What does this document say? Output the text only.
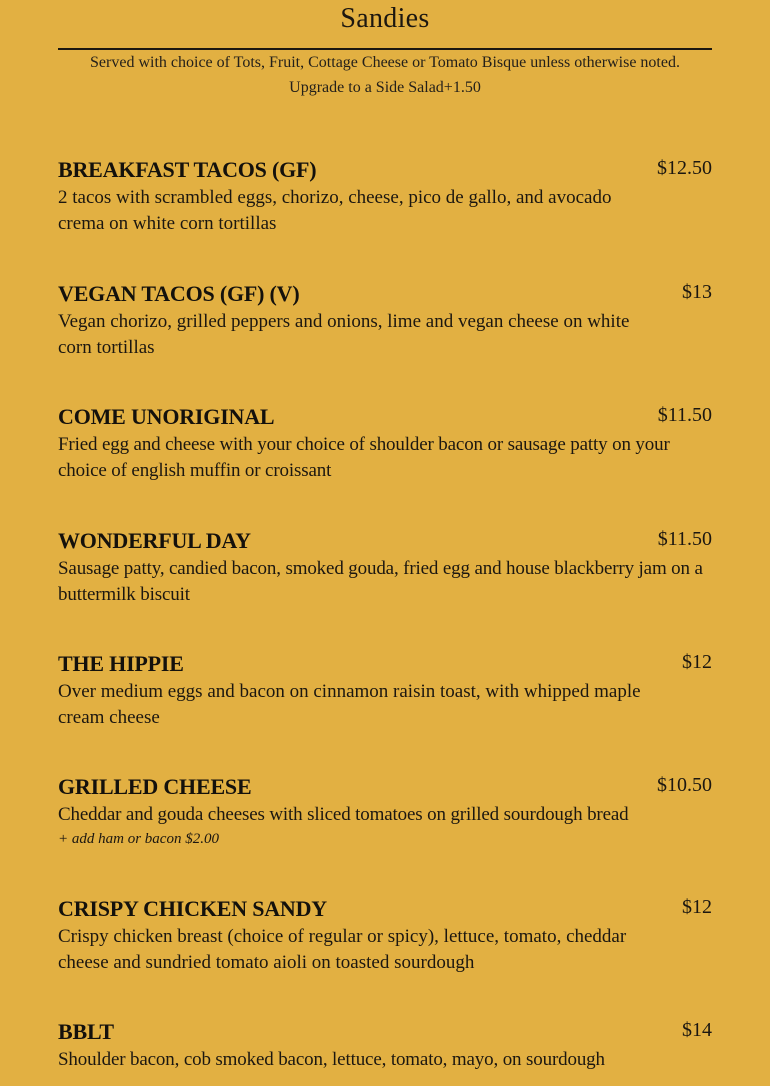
Sandies
Served with choice of Tots, Fruit, Cottage Cheese or Tomato Bisque unless otherwise noted.
Upgrade to a Side Salad+1.50
BREAKFAST TACOS (GF)	$12.50
2 tacos with scrambled eggs, chorizo, cheese, pico de gallo, and avocado crema on white corn tortillas
VEGAN TACOS (GF) (V)	$13
Vegan chorizo, grilled peppers and onions, lime and vegan cheese on white corn tortillas
COME UNORIGINAL	$11.50
Fried egg and cheese with your choice of shoulder bacon or sausage patty on your choice of english muffin or croissant
WONDERFUL DAY	$11.50
Sausage patty, candied bacon, smoked gouda, fried egg and house blackberry jam on a buttermilk biscuit
THE HIPPIE	$12
Over medium eggs and bacon on cinnamon raisin toast, with whipped maple cream cheese
GRILLED CHEESE	$10.50
Cheddar and gouda cheeses with sliced tomatoes on grilled sourdough bread
+ add ham or bacon $2.00
CRISPY CHICKEN SANDY	$12
Crispy chicken breast (choice of regular or spicy), lettuce, tomato, cheddar cheese and sundried tomato aioli on toasted sourdough
BBLT	$14
Shoulder bacon, cob smoked bacon, lettuce, tomato, mayo, on sourdough
